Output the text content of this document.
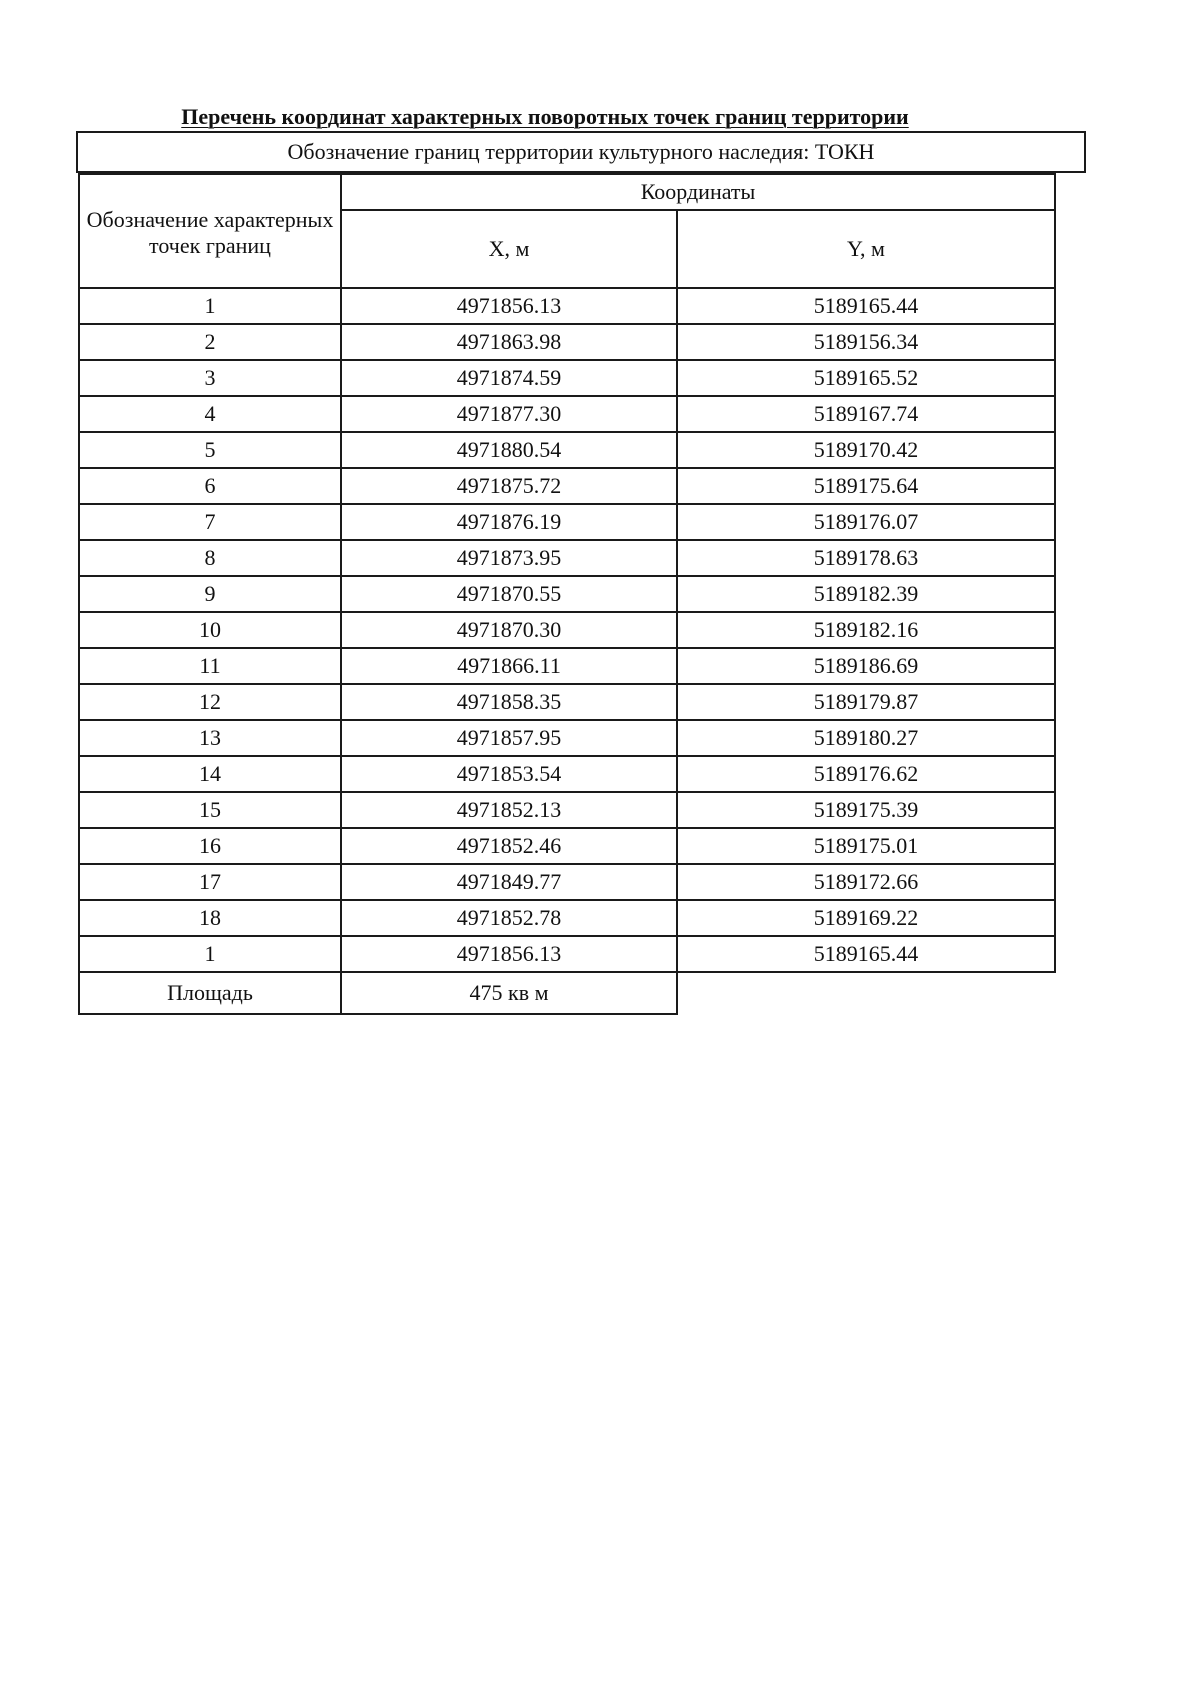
Перечень координат характерных поворотных точек границ территории
Обозначение границ территории культурного наследия: ТОКН
Обозначение характерных точек границ	Координаты	
	X, м	Y, м
1	4971856.13	5189165.44
2	4971863.98	5189156.34
3	4971874.59	5189165.52
4	4971877.30	5189167.74
5	4971880.54	5189170.42
6	4971875.72	5189175.64
7	4971876.19	5189176.07
8	4971873.95	5189178.63
9	4971870.55	5189182.39
10	4971870.30	5189182.16
11	4971866.11	5189186.69
12	4971858.35	5189179.87
13	4971857.95	5189180.27
14	4971853.54	5189176.62
15	4971852.13	5189175.39
16	4971852.46	5189175.01
17	4971849.77	5189172.66
18	4971852.78	5189169.22
1	4971856.13	5189165.44
Площадь	475 кв м	
